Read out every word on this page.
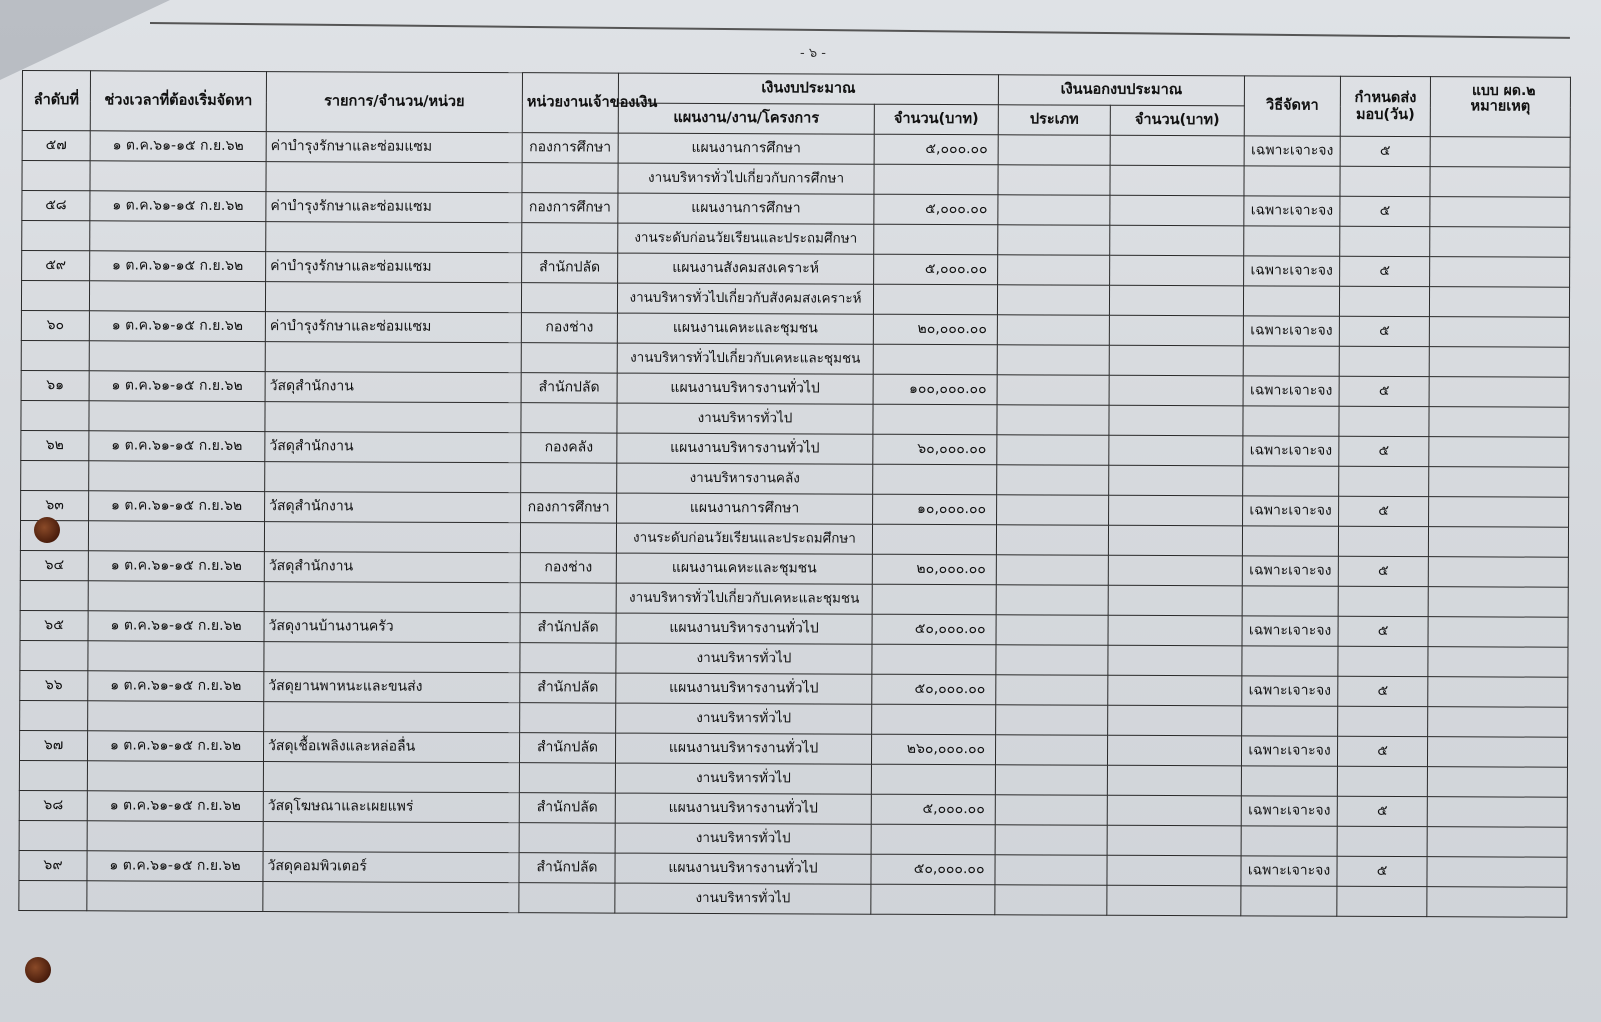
- ๖ -
แบบ ผด.๒
ลำดับที่	ช่วงเวลาที่ต้องเริ่มจัดหา	รายการ/จำนวน/หน่วย	หน่วยงานเจ้าของเงิน	เงินงบประมาณ		เงินนอกงบประมาณ		วิธีจัดหา	กำหนดส่งมอบ(วัน)	หมายเหตุ
				แผนงาน/งาน/โครงการ	จำนวน(บาท)	ประเภท	จำนวน(บาท)			
๕๗	๑ ต.ค.๖๑-๑๕ ก.ย.๖๒	ค่าบำรุงรักษาและซ่อมแซม	กองการศึกษา	แผนงานการศึกษา	๕,๐๐๐.๐๐			เฉพาะเจาะจง	๕	
				งานบริหารทั่วไปเกี่ยวกับการศึกษา						
๕๘	๑ ต.ค.๖๑-๑๕ ก.ย.๖๒	ค่าบำรุงรักษาและซ่อมแซม	กองการศึกษา	แผนงานการศึกษา	๕,๐๐๐.๐๐			เฉพาะเจาะจง	๕	
				งานระดับก่อนวัยเรียนและประถมศึกษา						
๕๙	๑ ต.ค.๖๑-๑๕ ก.ย.๖๒	ค่าบำรุงรักษาและซ่อมแซม	สำนักปลัด	แผนงานสังคมสงเคราะห์	๕,๐๐๐.๐๐			เฉพาะเจาะจง	๕	
				งานบริหารทั่วไปเกี่ยวกับสังคมสงเคราะห์						
๖๐	๑ ต.ค.๖๑-๑๕ ก.ย.๖๒	ค่าบำรุงรักษาและซ่อมแซม	กองช่าง	แผนงานเคหะและชุมชน	๒๐,๐๐๐.๐๐			เฉพาะเจาะจง	๕	
				งานบริหารทั่วไปเกี่ยวกับเคหะและชุมชน						
๖๑	๑ ต.ค.๖๑-๑๕ ก.ย.๖๒	วัสดุสำนักงาน	สำนักปลัด	แผนงานบริหารงานทั่วไป	๑๐๐,๐๐๐.๐๐			เฉพาะเจาะจง	๕	
				งานบริหารทั่วไป						
๖๒	๑ ต.ค.๖๑-๑๕ ก.ย.๖๒	วัสดุสำนักงาน	กองคลัง	แผนงานบริหารงานทั่วไป	๖๐,๐๐๐.๐๐			เฉพาะเจาะจง	๕	
				งานบริหารงานคลัง						
๖๓	๑ ต.ค.๖๑-๑๕ ก.ย.๖๒	วัสดุสำนักงาน	กองการศึกษา	แผนงานการศึกษา	๑๐,๐๐๐.๐๐			เฉพาะเจาะจง	๕	
				งานระดับก่อนวัยเรียนและประถมศึกษา						
๖๔	๑ ต.ค.๖๑-๑๕ ก.ย.๖๒	วัสดุสำนักงาน	กองช่าง	แผนงานเคหะและชุมชน	๒๐,๐๐๐.๐๐			เฉพาะเจาะจง	๕	
				งานบริหารทั่วไปเกี่ยวกับเคหะและชุมชน						
๖๕	๑ ต.ค.๖๑-๑๕ ก.ย.๖๒	วัสดุงานบ้านงานครัว	สำนักปลัด	แผนงานบริหารงานทั่วไป	๕๐,๐๐๐.๐๐			เฉพาะเจาะจง	๕	
				งานบริหารทั่วไป						
๖๖	๑ ต.ค.๖๑-๑๕ ก.ย.๖๒	วัสดุยานพาหนะและขนส่ง	สำนักปลัด	แผนงานบริหารงานทั่วไป	๕๐,๐๐๐.๐๐			เฉพาะเจาะจง	๕	
				งานบริหารทั่วไป						
๖๗	๑ ต.ค.๖๑-๑๕ ก.ย.๖๒	วัสดุเชื้อเพลิงและหล่อลื่น	สำนักปลัด	แผนงานบริหารงานทั่วไป	๒๖๐,๐๐๐.๐๐			เฉพาะเจาะจง	๕	
				งานบริหารทั่วไป						
๖๘	๑ ต.ค.๖๑-๑๕ ก.ย.๖๒	วัสดุโฆษณาและเผยแพร่	สำนักปลัด	แผนงานบริหารงานทั่วไป	๕,๐๐๐.๐๐			เฉพาะเจาะจง	๕	
				งานบริหารทั่วไป						
๖๙	๑ ต.ค.๖๑-๑๕ ก.ย.๖๒	วัสดุคอมพิวเตอร์	สำนักปลัด	แผนงานบริหารงานทั่วไป	๕๐,๐๐๐.๐๐			เฉพาะเจาะจง	๕	
				งานบริหารทั่วไป						
